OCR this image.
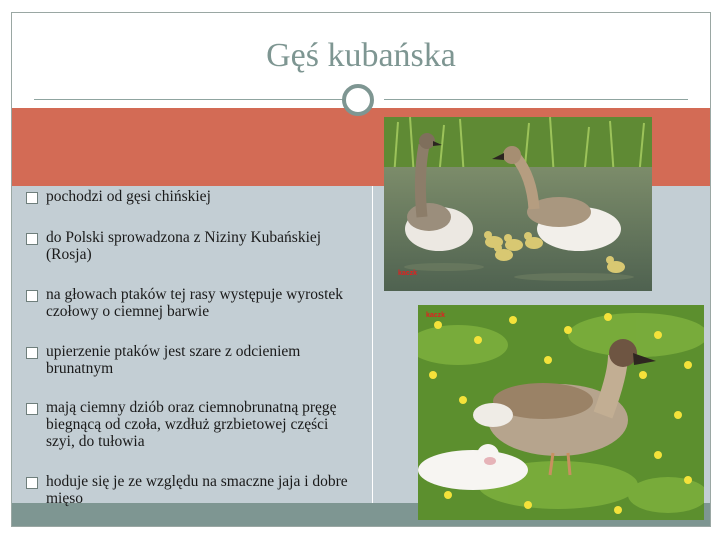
Gęś kubańska
pochodzi od gęsi chińskiej
do Polski sprowadzona z Niziny Kubańskiej (Rosja)
na głowach ptaków tej rasy występuje wyrostek czołowy o ciemnej barwie
upierzenie ptaków jest szare z odcieniem brunatnym
mają ciemny dziób oraz ciemnobrunatną pręgę biegnącą od czoła, wzdłuż grzbietowej części szyi, do tułowia
hoduje się je ze względu na smaczne jaja i dobre mięso
kaczk
kaczk
